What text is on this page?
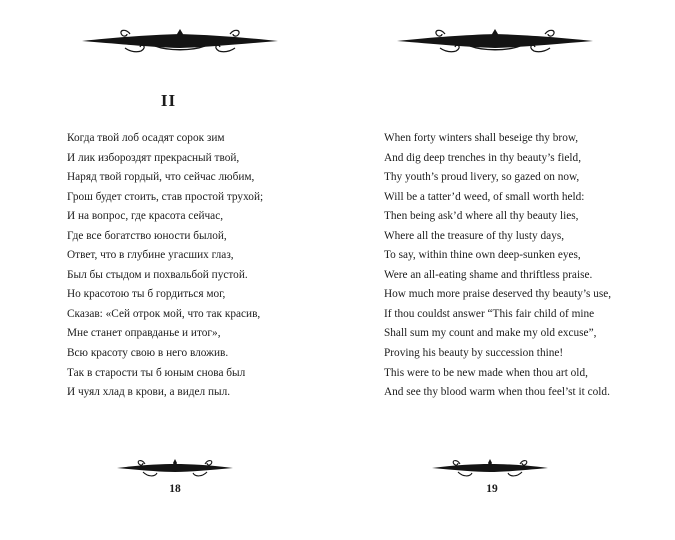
II
Когда твой лоб осадят сорок зим
И лик избороздят прекрасный твой,
Наряд твой гордый, что сейчас любим,
Грош будет стоить, став простой трухой;
И на вопрос, где красота сейчас,
Где все богатство юности былой,
Ответ, что в глубине угасших глаз,
Был бы стыдом и похвальбой пустой.
Но красотою ты б гордиться мог,
Сказав: «Сей отрок мой, что так красив,
Мне станет оправданье и итог»,
Всю красоту свою в него вложив.
Так в старости ты б юным снова был
И чуял хлад в крови, а видел пыл.
18
When forty winters shall beseige thy brow,
And dig deep trenches in thy beauty’s field,
Thy youth’s proud livery, so gazed on now,
Will be a tatter’d weed, of small worth held:
Then being ask’d where all thy beauty lies,
Where all the treasure of thy lusty days,
To say, within thine own deep-sunken eyes,
Were an all-eating shame and thriftless praise.
How much more praise deserved thy beauty’s use,
If thou couldst answer “This fair child of mine
Shall sum my count and make my old excuse”,
Proving his beauty by succession thine!
This were to be new made when thou art old,
And see thy blood warm when thou feel’st it cold.
19
